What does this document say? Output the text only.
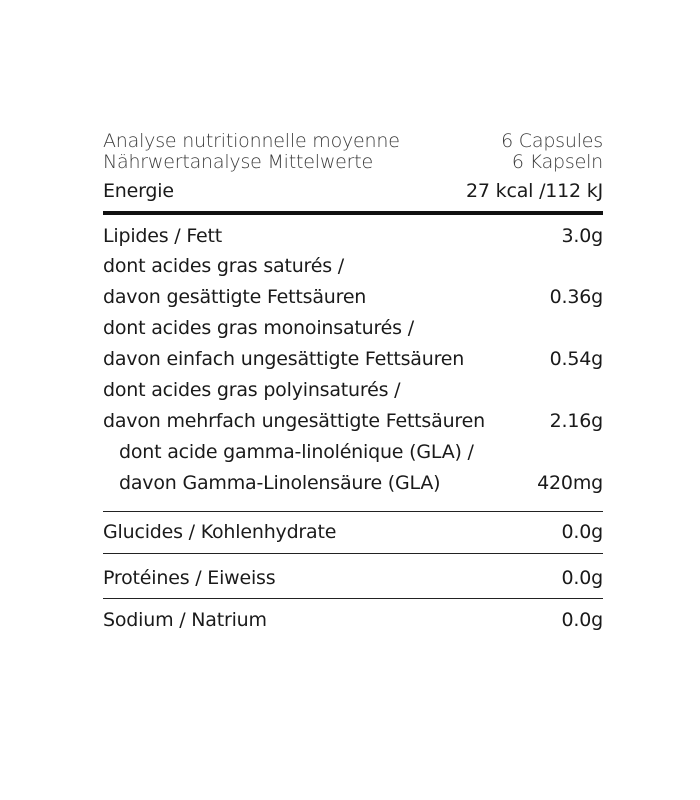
Analyse nutritionnelle moyenne	6 Capsules
Nährwertanalyse Mittelwerte	6 Kapseln
Energie	27 kcal /112 kJ
Lipides / Fett	3.0g
dont acides gras saturés /
davon gesättigte Fettsäuren	0.36g
dont acides gras monoinsaturés /
davon einfach ungesättigte Fettsäuren	0.54g
dont acides gras polyinsaturés /
davon mehrfach ungesättigte Fettsäuren	2.16g
dont acide gamma-linolénique (GLA) /
davon Gamma-Linolensäure (GLA)	420mg
Glucides / Kohlenhydrate	0.0g
Protéines / Eiweiss	0.0g
Sodium / Natrium	0.0g
